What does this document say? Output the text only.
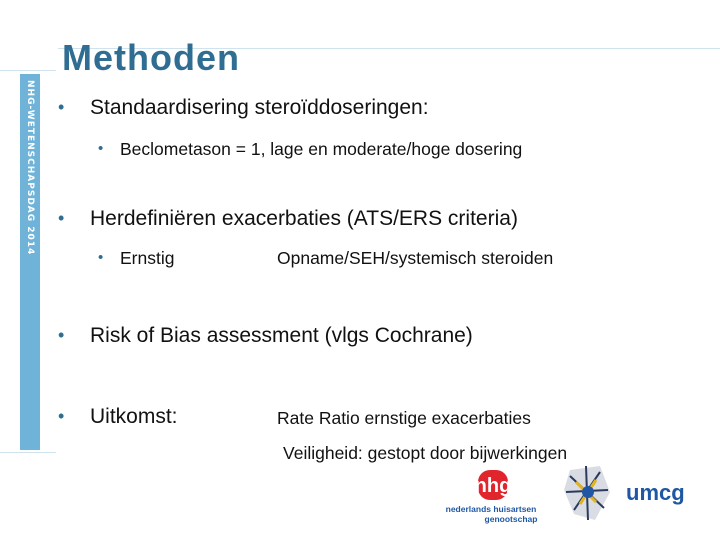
Methoden
NHG-WETENSCHAPSDAG 2014 • Standaardisering steroïddoseringen:
• Beclometason = 1, lage en moderate/hoge dosering
• Herdefiniëren exacerbaties (ATS/ERS criteria)
• Ernstig	Opname/SEH/systemisch steroiden
• Risk of Bias assessment (vlgs Cochrane)
• Uitkomst:	Rate Ratio ernstige exacerbaties
Veiligheid: gestopt door bijwerkingen
nhg
nederlands huisartsen
genootschap
umcg
